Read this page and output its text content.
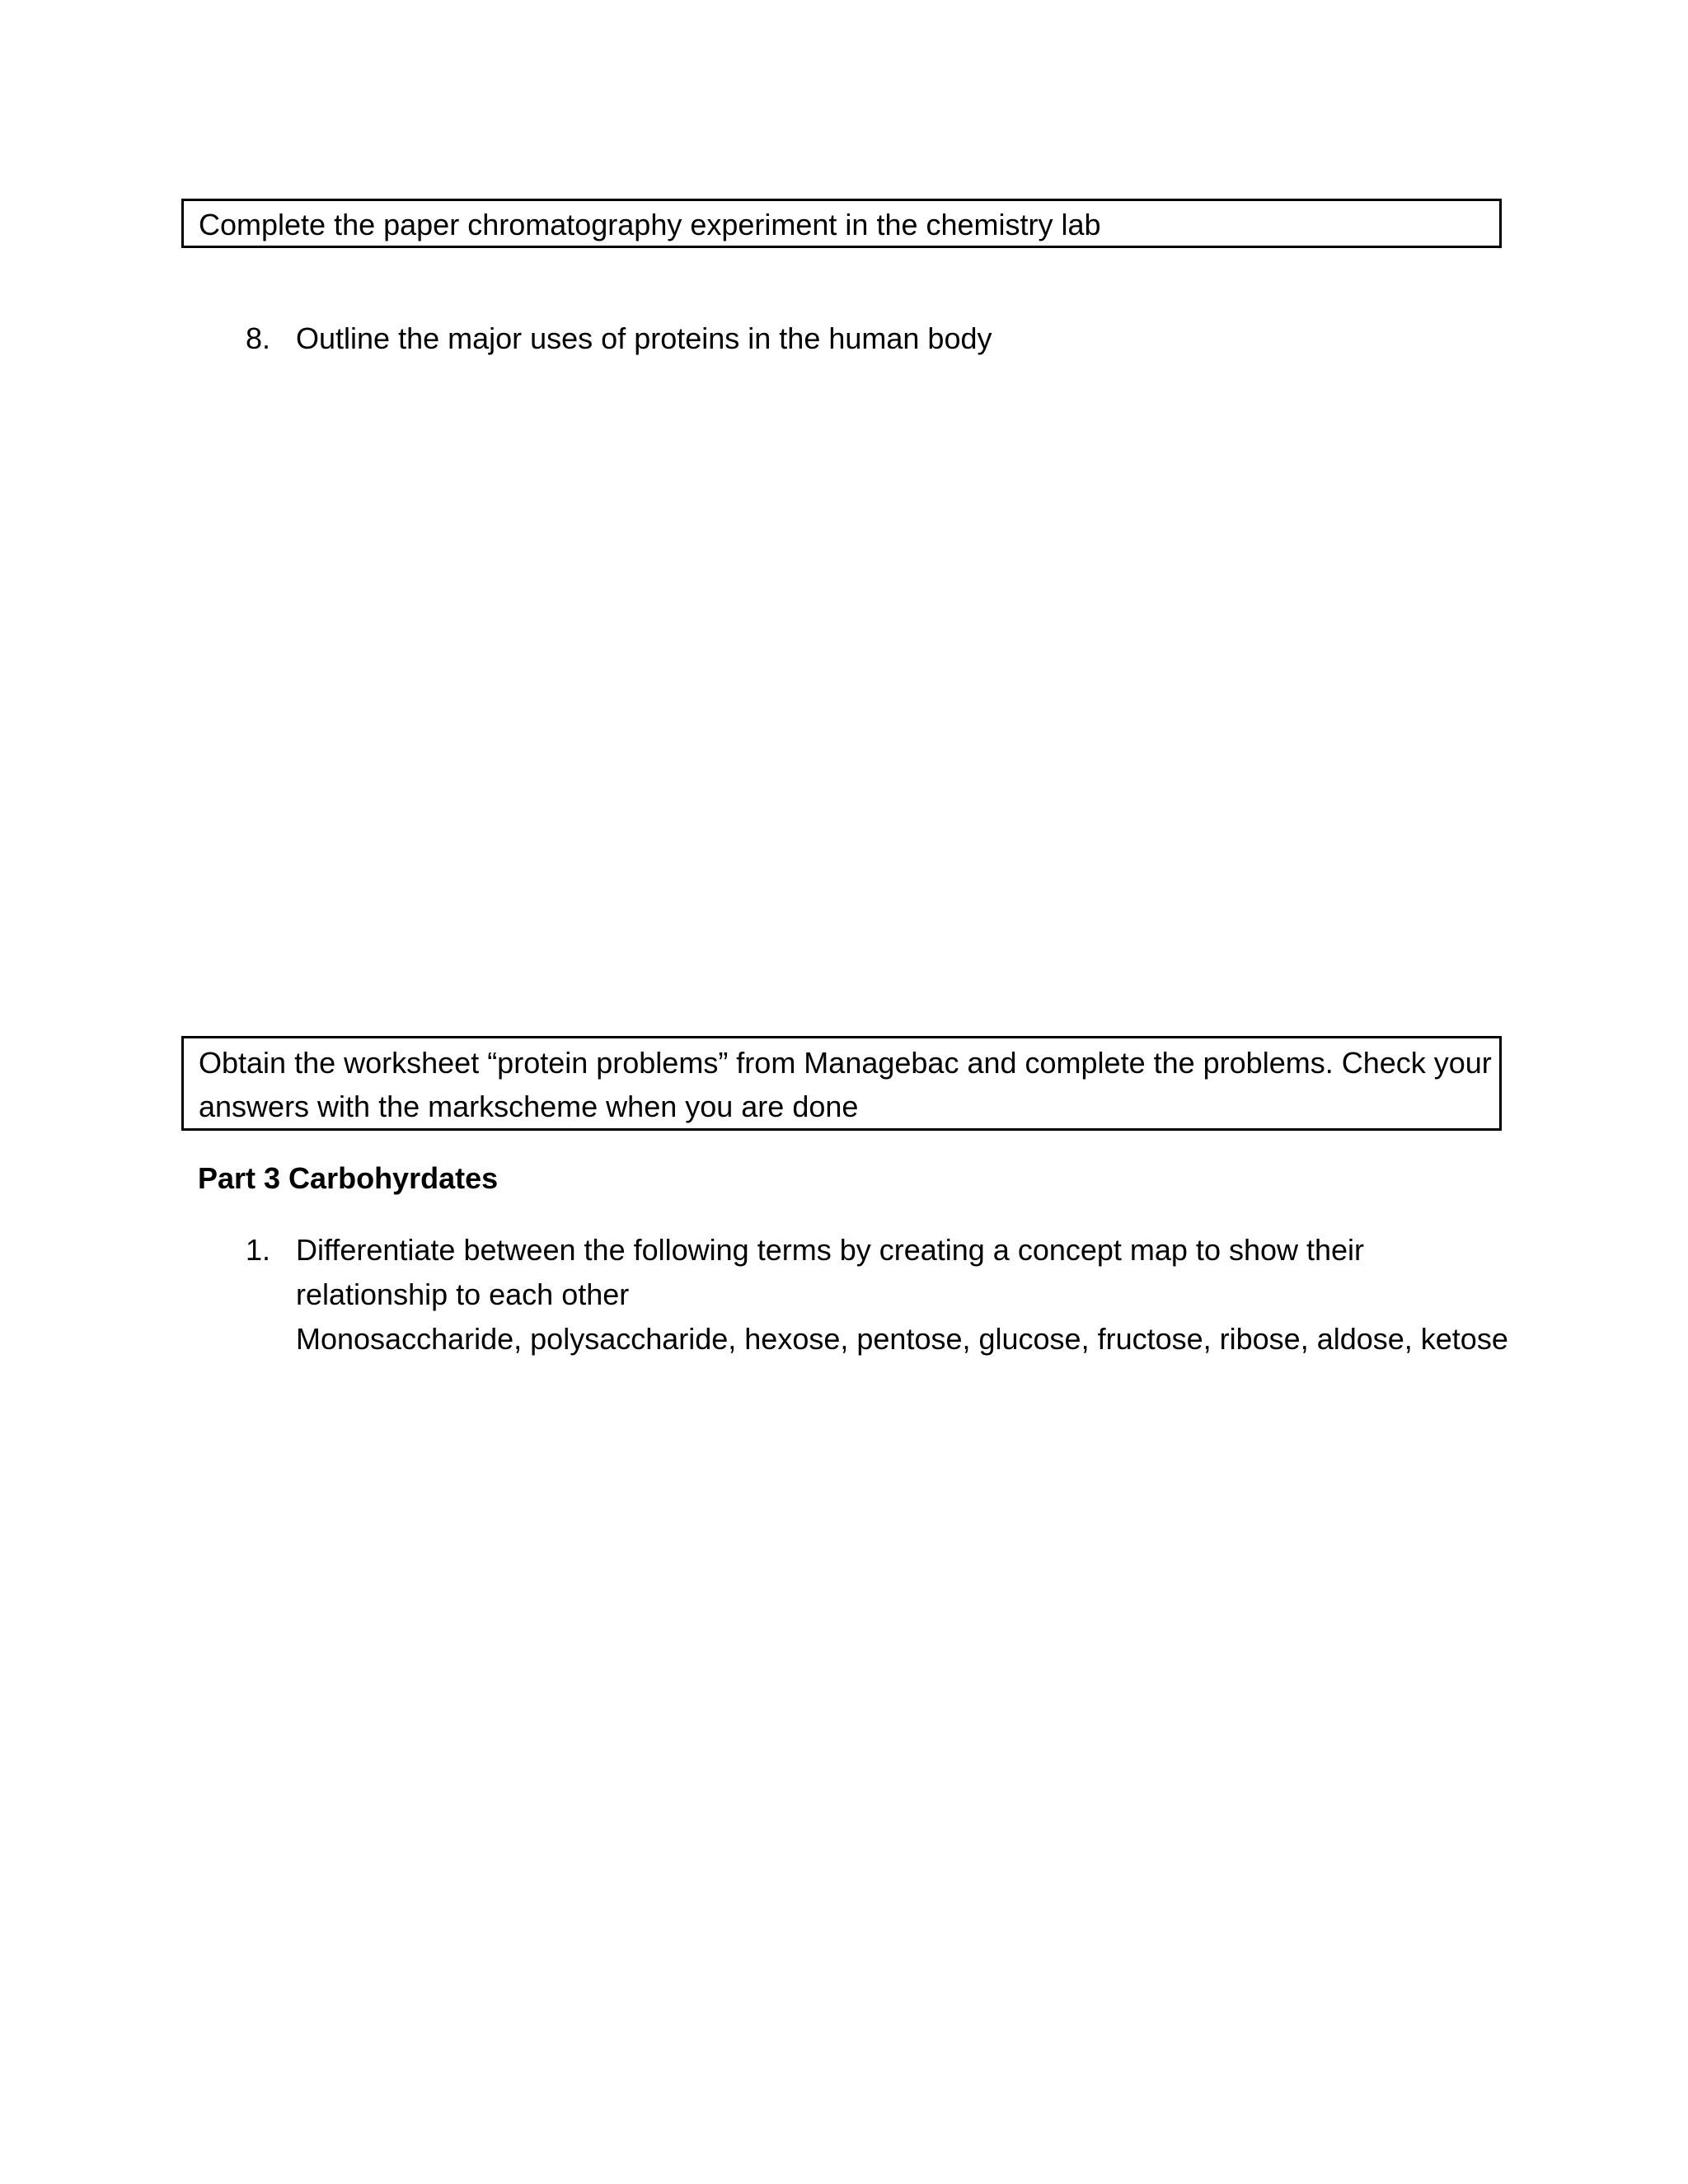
Complete the paper chromatography experiment in the chemistry lab
8. Outline the major uses of proteins in the human body
Obtain the worksheet “protein problems” from Managebac and complete the problems. Check your
answers with the markscheme when you are done
Part 3 Carbohyrdates
1. Differentiate between the following terms by creating a concept map to show their
relationship to each other
Monosaccharide, polysaccharide, hexose, pentose, glucose, fructose, ribose, aldose, ketose
